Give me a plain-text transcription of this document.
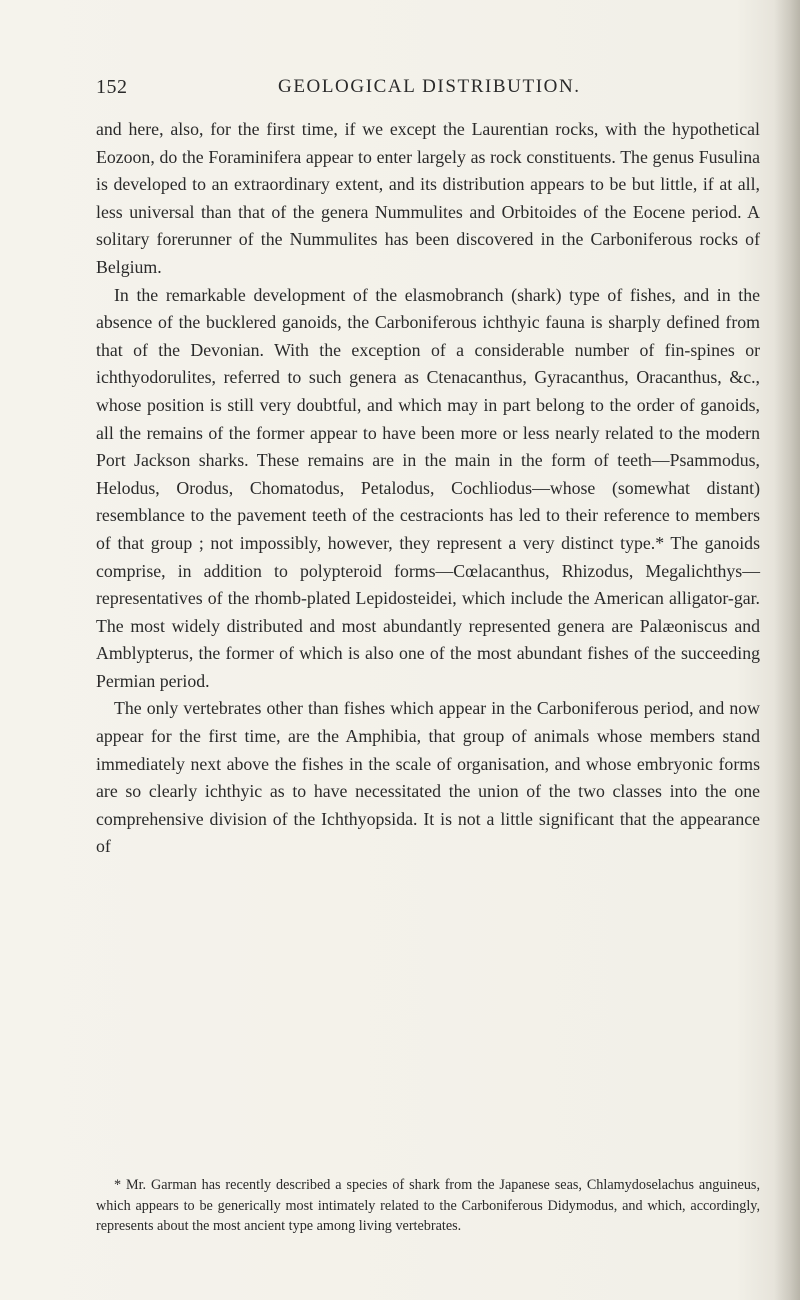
152	GEOLOGICAL DISTRIBUTION.

and here, also, for the first time, if we except the Laurentian rocks, with the hypothetical Eozoon, do the Foraminifera appear to enter largely as rock constituents. The genus Fusulina is developed to an extraordinary extent, and its distribution appears to be but little, if at all, less universal than that of the genera Nummulites and Orbitoides of the Eocene period. A solitary forerunner of the Nummulites has been discovered in the Carboniferous rocks of Belgium.

In the remarkable development of the elasmobranch (shark) type of fishes, and in the absence of the bucklered ganoids, the Carboniferous ichthyic fauna is sharply defined from that of the Devonian. With the exception of a considerable number of fin-spines or ichthyodorulites, referred to such genera as Ctenacanthus, Gyracanthus, Oracanthus, &c., whose position is still very doubtful, and which may in part belong to the order of ganoids, all the remains of the former appear to have been more or less nearly related to the modern Port Jackson sharks. These remains are in the main in the form of teeth—Psammodus, Helodus, Orodus, Chomatodus, Petalodus, Cochliodus—whose (somewhat distant) resemblance to the pavement teeth of the cestracionts has led to their reference to members of that group ; not impossibly, however, they represent a very distinct type.* The ganoids comprise, in addition to polypteroid forms—Cœlacanthus, Rhizodus, Megalichthys—representatives of the rhomb-plated Lepidosteidei, which include the American alligator-gar. The most widely distributed and most abundantly represented genera are Palæoniscus and Amblypterus, the former of which is also one of the most abundant fishes of the succeeding Permian period.

The only vertebrates other than fishes which appear in the Carboniferous period, and now appear for the first time, are the Amphibia, that group of animals whose members stand immediately next above the fishes in the scale of organisation, and whose embryonic forms are so clearly ichthyic as to have necessitated the union of the two classes into the one comprehensive division of the Ichthyopsida. It is not a little significant that the appearance of

* Mr. Garman has recently described a species of shark from the Japanese seas, Chlamydoselachus anguineus, which appears to be generically most intimately related to the Carboniferous Didymodus, and which, accordingly, represents about the most ancient type among living vertebrates.
